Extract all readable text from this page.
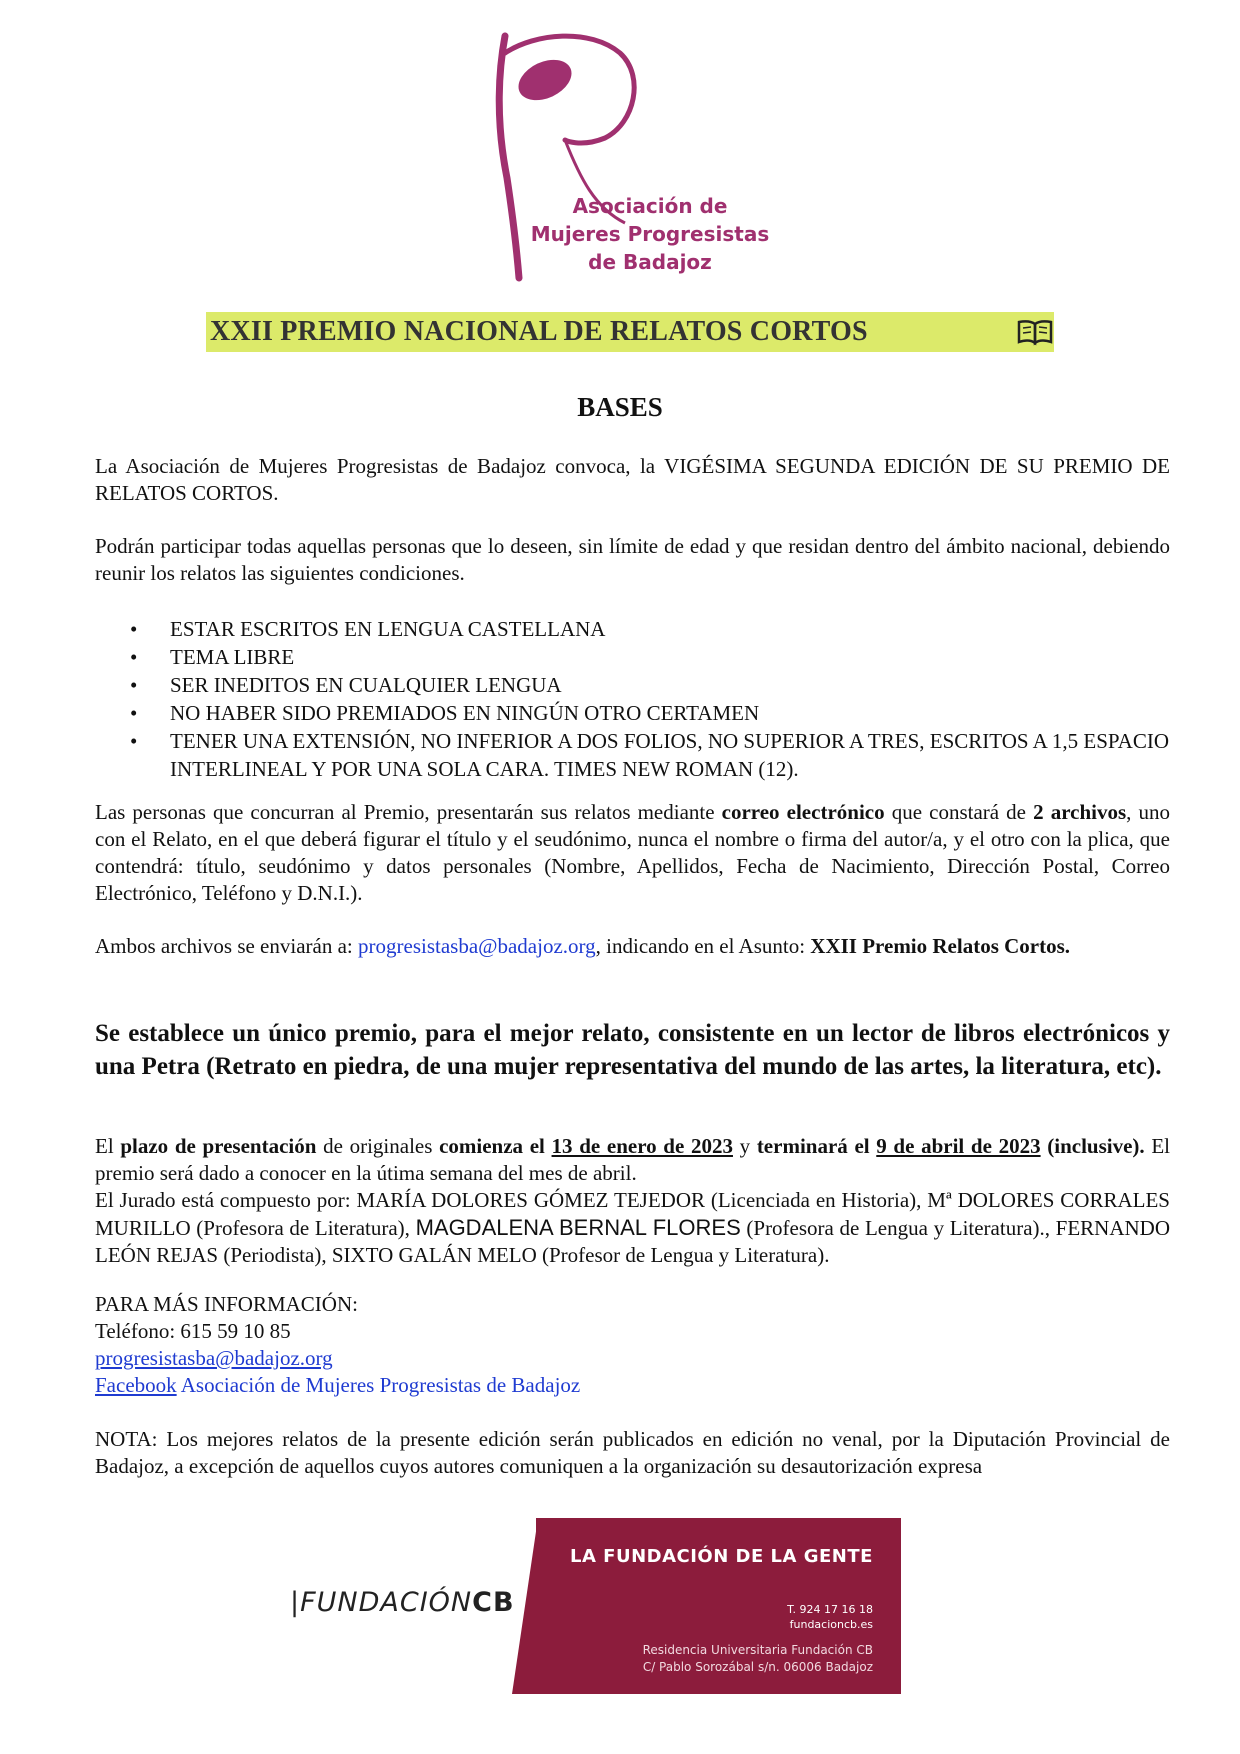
Asociación de
Mujeres Progresistas
de Badajoz
XXII PREMIO NACIONAL DE RELATOS CORTOS
BASES
La Asociación de Mujeres Progresistas de Badajoz convoca, la VIGÉSIMA SEGUNDA EDICIÓN DE SU PREMIO DE RELATOS CORTOS.
Podrán participar todas aquellas personas que lo deseen, sin límite de edad y que residan dentro del ámbito nacional, debiendo reunir los relatos las siguientes condiciones.
• ESTAR ESCRITOS EN LENGUA CASTELLANA
• TEMA LIBRE
• SER INEDITOS EN CUALQUIER LENGUA
• NO HABER SIDO PREMIADOS EN NINGÚN OTRO CERTAMEN
• TENER UNA EXTENSIÓN, NO INFERIOR A DOS FOLIOS, NO SUPERIOR A TRES, ESCRITOS A 1,5 ESPACIO INTERLINEAL Y POR UNA SOLA CARA. TIMES NEW ROMAN (12).
Las personas que concurran al Premio, presentarán sus relatos mediante correo electrónico que constará de 2 archivos, uno con el Relato, en el que deberá figurar el título y el seudónimo, nunca el nombre o firma del autor/a, y el otro con la plica, que contendrá: título, seudónimo y datos personales (Nombre, Apellidos, Fecha de Nacimiento, Dirección Postal, Correo Electrónico, Teléfono y D.N.I.).
Ambos archivos se enviarán a: progresistasba@badajoz.org, indicando en el Asunto: XXII Premio Relatos Cortos.
Se establece un único premio, para el mejor relato, consistente en un lector de libros electrónicos y una Petra (Retrato en piedra, de una mujer representativa del mundo de las artes, la literatura, etc).
El plazo de presentación de originales comienza el 13 de enero de 2023 y terminará el 9 de abril de 2023 (inclusive). El premio será dado a conocer en la útima semana del mes de abril.
El Jurado está compuesto por: MARÍA DOLORES GÓMEZ TEJEDOR (Licenciada en Historia), Mª DOLORES CORRALES MURILLO (Profesora de Literatura), MAGDALENA BERNAL FLORES (Profesora de Lengua y Literatura)., FERNANDO LEÓN REJAS (Periodista), SIXTO GALÁN MELO (Profesor de Lengua y Literatura).
PARA MÁS INFORMACIÓN:
Teléfono: 615 59 10 85
progresistasba@badajoz.org
Facebook Asociación de Mujeres Progresistas de Badajoz
NOTA: Los mejores relatos de la presente edición serán publicados en edición no venal, por la Diputación Provincial de Badajoz, a excepción de aquellos cuyos autores comuniquen a la organización su desautorización expresa
|FUNDACIÓNCB
LA FUNDACIÓN DE LA GENTE
T. 924 17 16 18
fundacioncb.es
Residencia Universitaria Fundación CB
C/ Pablo Sorozábal s/n. 06006 Badajoz
